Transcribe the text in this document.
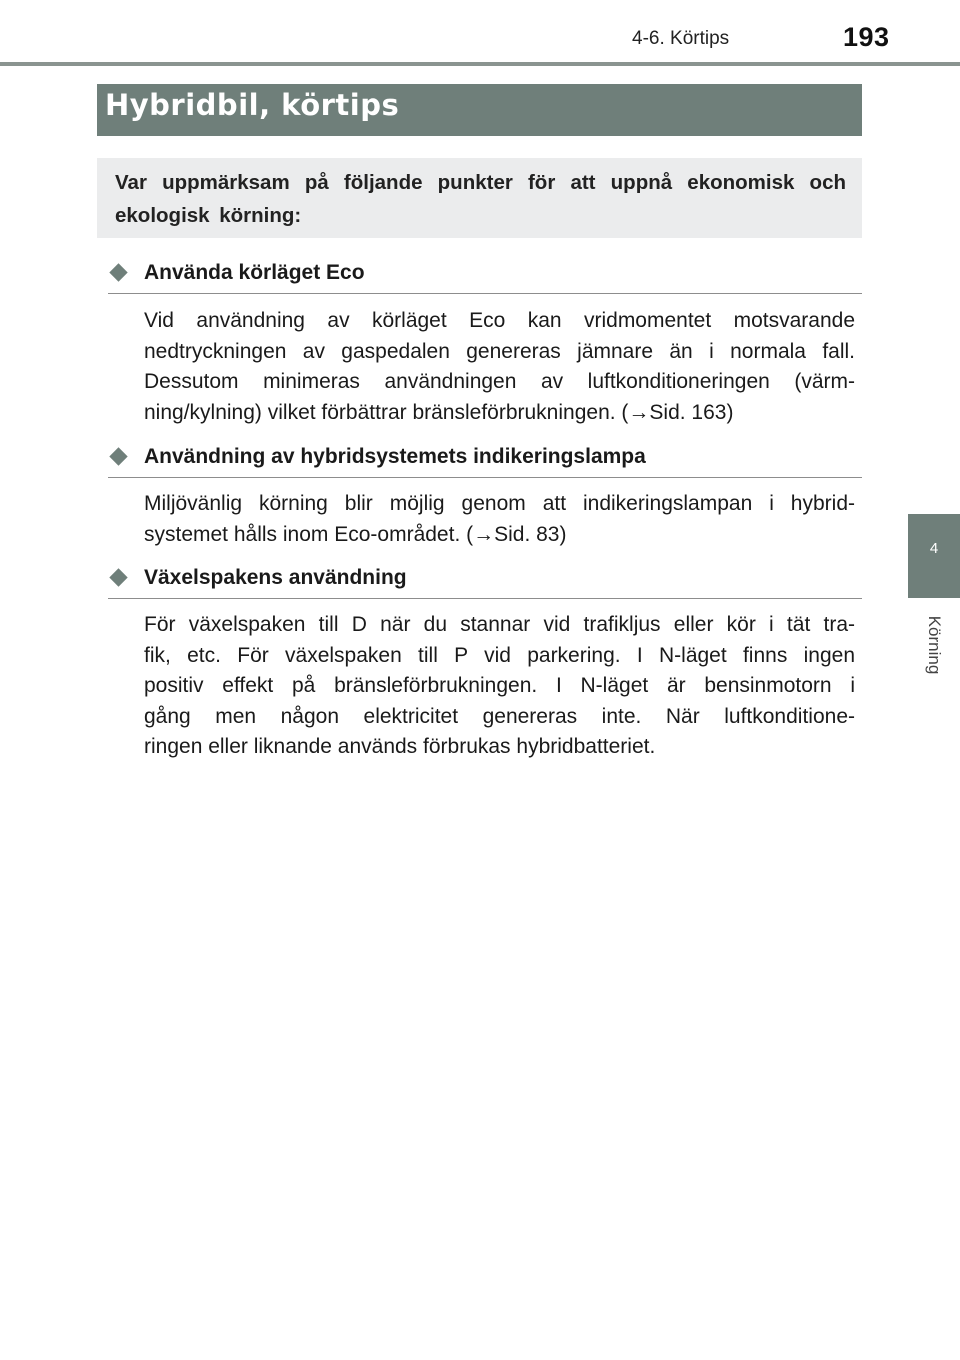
4-6. Körtips	193
4
Körning
Hybridbil, körtips
Var uppmärksam på följande punkter för att uppnå ekonomisk och ekologisk körning:
Använda körläget Eco
Vid användning av körläget Eco kan vridmomentet motsvarande
nedtryckningen av gaspedalen genereras jämnare än i normala fall.
Dessutom minimeras användningen av luftkonditioneringen (värm-
ning/kylning) vilket förbättrar bränsleförbrukningen. (→Sid. 163)
Användning av hybridsystemets indikeringslampa
Miljövänlig körning blir möjlig genom att indikeringslampan i hybrid-
systemet hålls inom Eco-området. (→Sid. 83)
Växelspakens användning
För växelspaken till D när du stannar vid trafikljus eller kör i tät tra-
fik, etc. För växelspaken till P vid parkering. I N-läget finns ingen
positiv effekt på bränsleförbrukningen. I N-läget är bensinmotorn i
gång men någon elektricitet genereras inte. När luftkonditione-
ringen eller liknande används förbrukas hybridbatteriet.
